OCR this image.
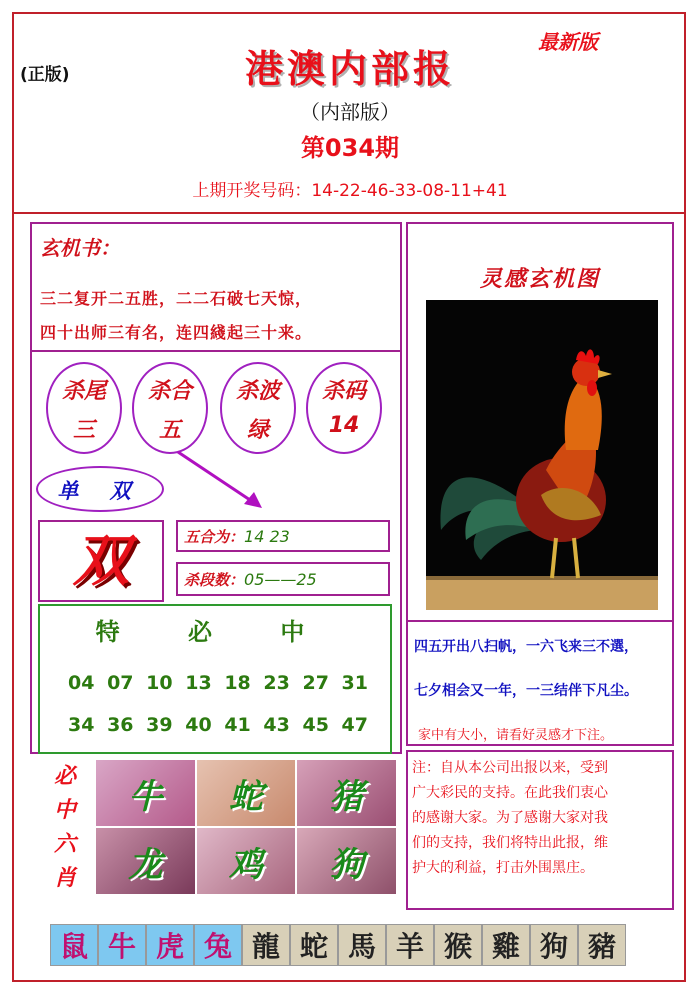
(正版)
最新版
港澳内部报
（内部版）
第034期
上期开奖号码：14-22-46-33-08-11+41
玄机书：
三二复开二五胜，二二石破七天惊，
四十出师三有名，连四綫起三十来。
杀尾
三
杀合
五
杀波
绿
杀码
14
单 双
双	五合为：14 23
杀段数：05——25
特 必 中
04 07 10 13 18 23 27 31
34 36 39 40 41 43 45 47
必中六肖
牛 蛇 猪
龙 鸡 狗
灵感玄机图
四五开出八扫帆，一六飞来三不選，
七夕相会又一年，一三结伴下凡尘。
家中有大小，请看好灵感才下注。
注：自从本公司出报以来，受到
广大彩民的支持。在此我们衷心
的感谢大家。为了感谢大家对我
们的支持，我们将特出此报，维
护大的利益，打击外围黑庄。
鼠 牛 虎 兔 龍 蛇 馬 羊 猴 雞 狗 豬
